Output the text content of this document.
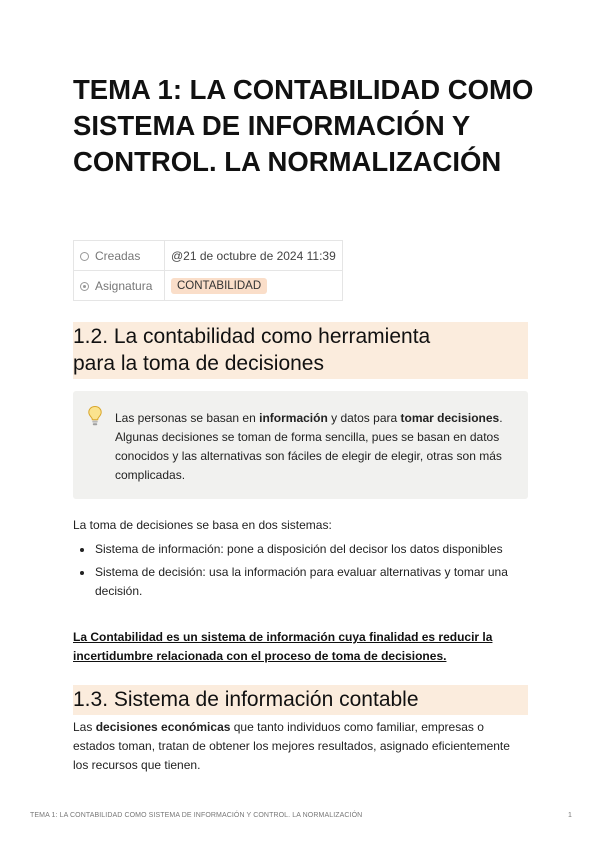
TEMA 1: LA CONTABILIDAD COMO SISTEMA DE INFORMACIÓN Y CONTROL. LA NORMALIZACIÓN
Creadas	@21 de octubre de 2024 11:39
Asignatura	CONTABILIDAD
1.2. La contabilidad como herramienta
para la toma de decisiones
Las personas se basan en información y datos para tomar decisiones. Algunas decisiones se toman de forma sencilla, pues se basan en datos conocidos y las alternativas son fáciles de elegir de elegir, otras son más complicadas.
La toma de decisiones se basa en dos sistemas:
Sistema de información: pone a disposición del decisor los datos disponibles
Sistema de decisión: usa la información para evaluar alternativas y tomar una decisión.
La Contabilidad es un sistema de información cuya finalidad es reducir la incertidumbre relacionada con el proceso de toma de decisiones.
1.3. Sistema de información contable
Las decisiones económicas que tanto individuos como familiar, empresas o estados toman, tratan de obtener los mejores resultados, asignado eficientemente los recursos que tienen.
TEMA 1: LA CONTABILIDAD COMO SISTEMA DE INFORMACIÓN Y CONTROL. LA NORMALIZACIÓN	1
